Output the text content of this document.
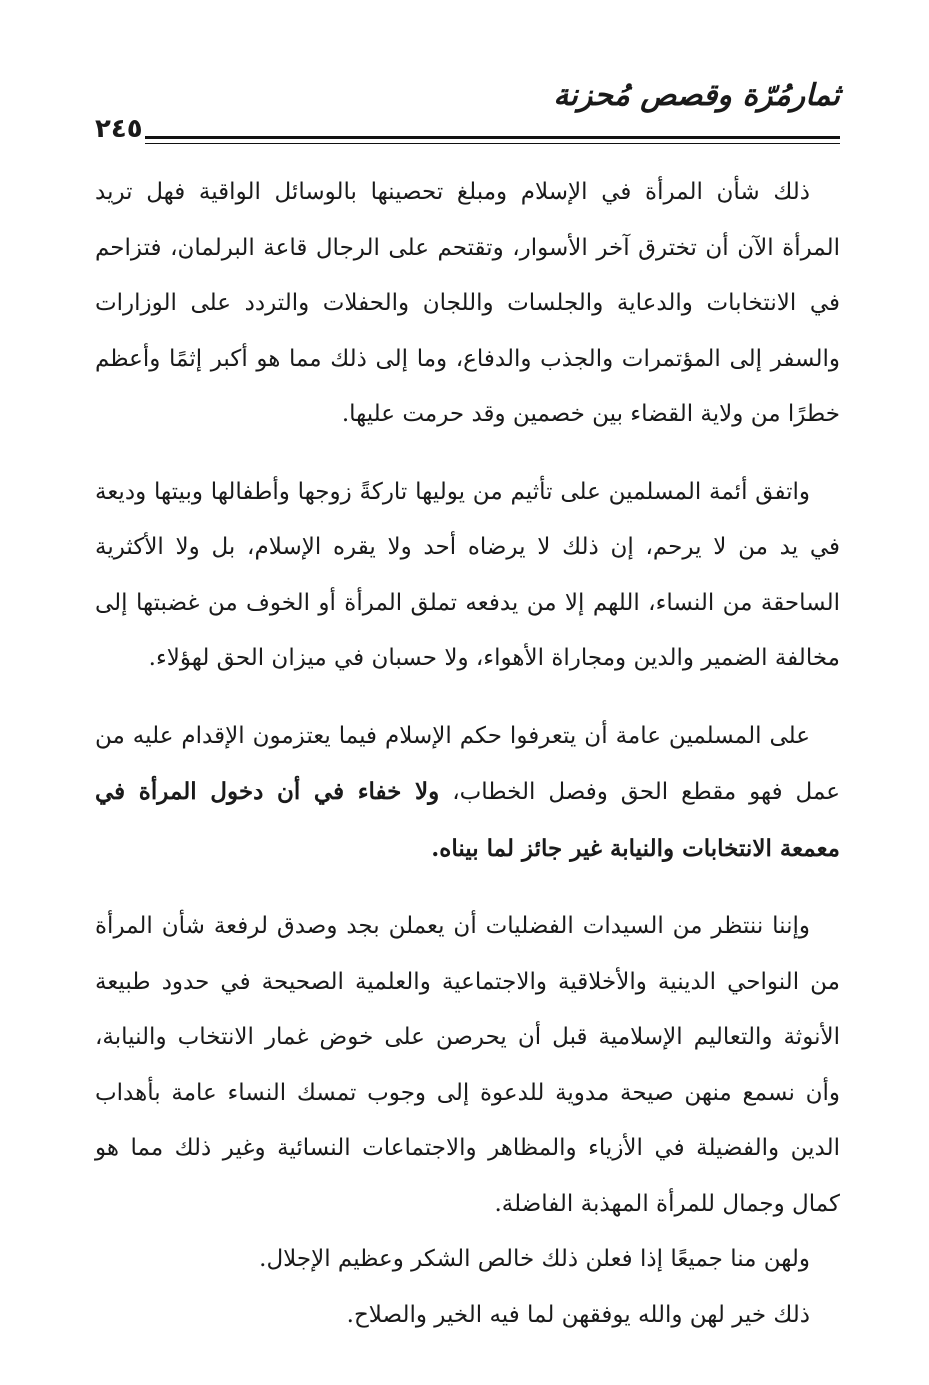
ثمارمُرّة وقصص مُحزنة
٢٤٥

ذلك شأن المرأة في الإسلام ومبلغ تحصينها بالوسائل الواقية فهل تريد المرأة الآن أن تخترق آخر الأسوار، وتقتحم على الرجال قاعة البرلمان، فتزاحم في الانتخابات والدعاية والجلسات واللجان والحفلات والتردد على الوزارات والسفر إلى المؤتمرات والجذب والدفاع، وما إلى ذلك مما هو أكبر إثمًا وأعظم خطرًا من ولاية القضاء بين خصمين وقد حرمت عليها.

واتفق أئمة المسلمين على تأثيم من يوليها تاركةً زوجها وأطفالها وبيتها وديعة في يد من لا يرحم، إن ذلك لا يرضاه أحد ولا يقره الإسلام، بل ولا الأكثرية الساحقة من النساء، اللهم إلا من يدفعه تملق المرأة أو الخوف من غضبتها إلى مخالفة الضمير والدين ومجاراة الأهواء، ولا حسبان في ميزان الحق لهؤلاء.

على المسلمين عامة أن يتعرفوا حكم الإسلام فيما يعتزمون الإقدام عليه من عمل فهو مقطع الحق وفصل الخطاب، ولا خفاء في أن دخول المرأة في معمعة الانتخابات والنيابة غير جائز لما بيناه.

وإننا ننتظر من السيدات الفضليات أن يعملن بجد وصدق لرفعة شأن المرأة من النواحي الدينية والأخلاقية والاجتماعية والعلمية الصحيحة في حدود طبيعة الأنوثة والتعاليم الإسلامية قبل أن يحرصن على خوض غمار الانتخاب والنيابة، وأن نسمع منهن صيحة مدوية للدعوة إلى وجوب تمسك النساء عامة بأهداب الدين والفضيلة في الأزياء والمظاهر والاجتماعات النسائية وغير ذلك مما هو كمال وجمال للمرأة المهذبة الفاضلة.

ولهن منا جميعًا إذا فعلن ذلك خالص الشكر وعظيم الإجلال.

ذلك خير لهن والله يوفقهن لما فيه الخير والصلاح.
